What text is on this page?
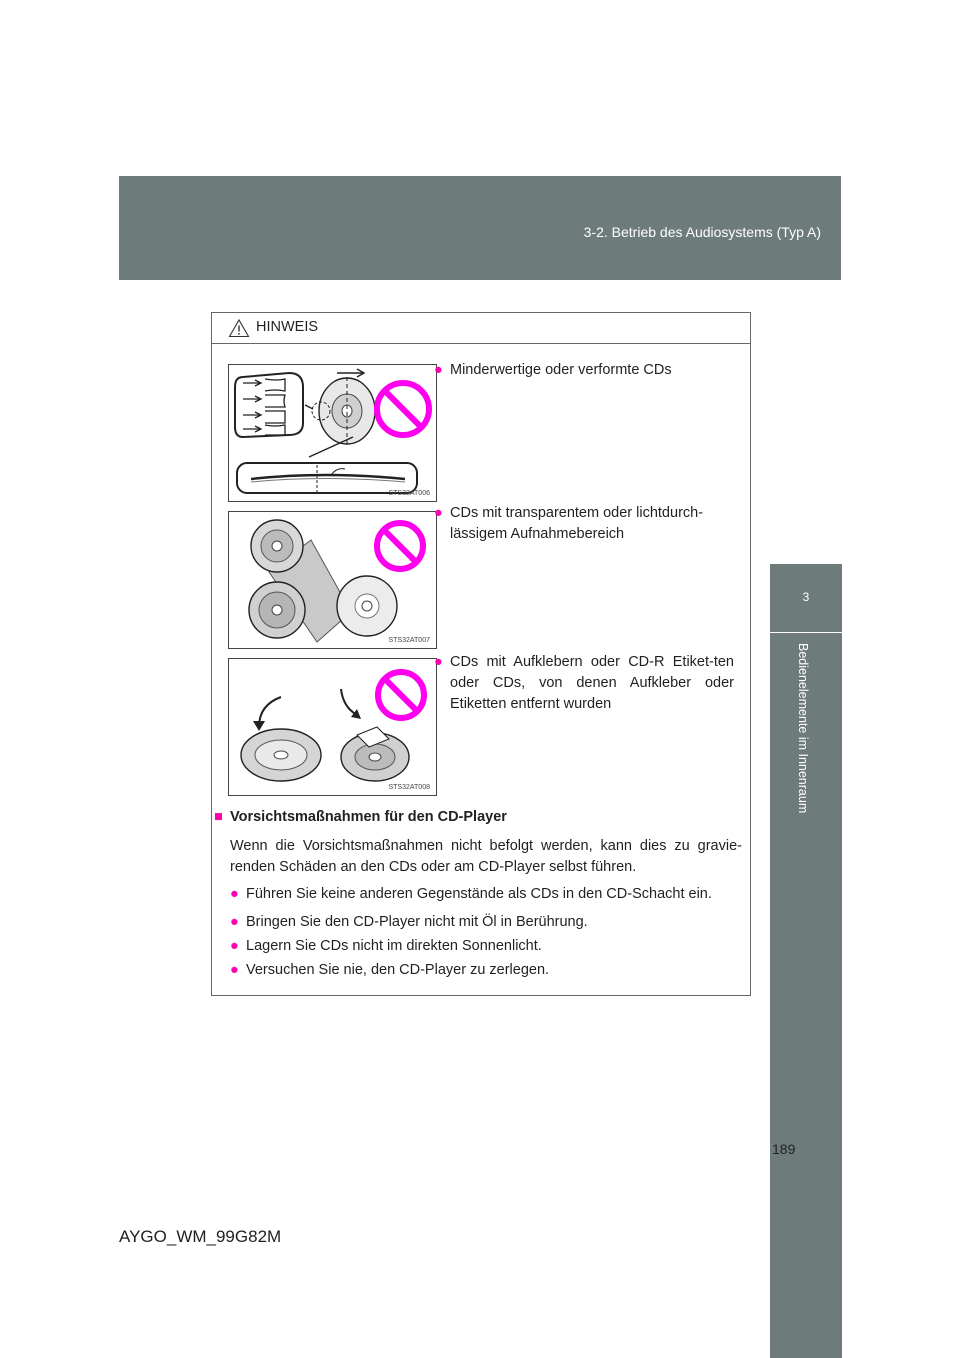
3-2. Betrieb des Audiosystems (Typ A)
3
Bedienelemente im Innenraum
HINWEIS
STS32AT006
● Minderwertige oder verformte CDs
STS32AT007
● CDs mit transparentem oder lichtdurch-
lässigem Aufnahmebereich
STS32AT008
● CDs mit Aufklebern oder CD-R Etiket-ten oder CDs, von denen Aufkleber oder Etiketten entfernt wurden
■ Vorsichtsmaßnahmen für den CD-Player
Wenn die Vorsichtsmaßnahmen nicht befolgt werden, kann dies zu gravie-renden Schäden an den CDs oder am CD-Player selbst führen.
● Führen Sie keine anderen Gegenstände als CDs in den CD-Schacht ein.
● Bringen Sie den CD-Player nicht mit Öl in Berührung.
● Lagern Sie CDs nicht im direkten Sonnenlicht.
● Versuchen Sie nie, den CD-Player zu zerlegen.
189
AYGO_WM_99G82M
